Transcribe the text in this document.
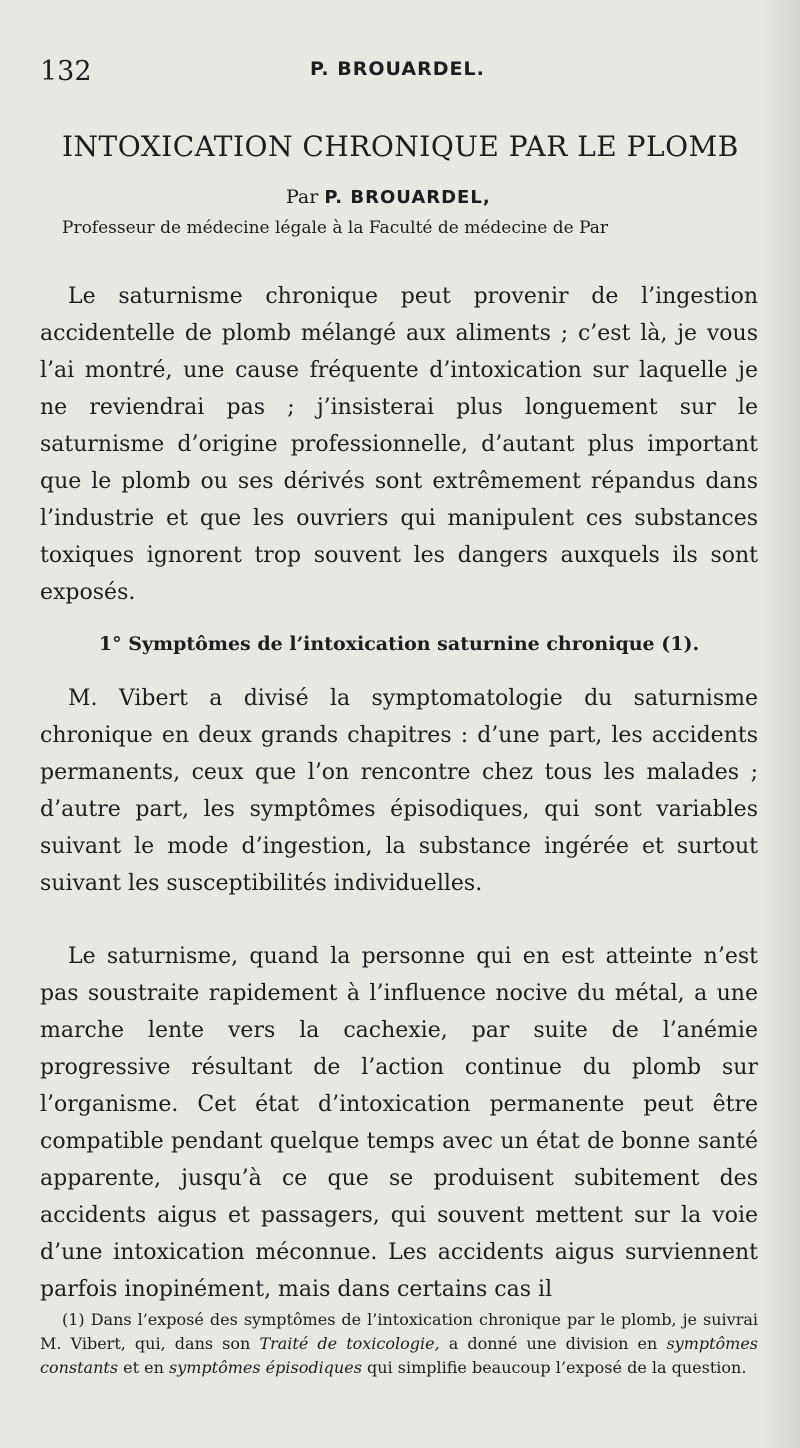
132	P. BROUARDEL.
INTOXICATION CHRONIQUE PAR LE PLOMB
Par P. BROUARDEL,
Professeur de médecine légale à la Faculté de médecine de Par

Le saturnisme chronique peut provenir de l’ingestion accidentelle de plomb mélangé aux aliments ; c’est là, je vous l’ai montré, une cause fréquente d’intoxication sur laquelle je ne reviendrai pas ; j’insisterai plus longuement sur le saturnisme d’origine professionnelle, d’autant plus important que le plomb ou ses dérivés sont extrêmement répandus dans l’industrie et que les ouvriers qui manipulent ces substances toxiques ignorent trop souvent les dangers auxquels ils sont exposés.

1° Symptômes de l’intoxication saturnine chronique (1).

M. Vibert a divisé la symptomatologie du saturnisme chronique en deux grands chapitres : d’une part, les accidents permanents, ceux que l’on rencontre chez tous les malades ; d’autre part, les symptômes épisodiques, qui sont variables suivant le mode d’ingestion, la substance ingérée et surtout suivant les susceptibilités individuelles.

Le saturnisme, quand la personne qui en est atteinte n’est pas soustraite rapidement à l’influence nocive du métal, a une marche lente vers la cachexie, par suite de l’anémie progressive résultant de l’action continue du plomb sur l’organisme. Cet état d’intoxication permanente peut être compatible pendant quelque temps avec un état de bonne santé apparente, jusqu’à ce que se produisent subitement des accidents aigus et passagers, qui souvent mettent sur la voie d’une intoxication méconnue. Les accidents aigus surviennent parfois inopinément, mais dans certains cas il

(1) Dans l’exposé des symptômes de l’intoxication chronique par le plomb, je suivrai M. Vibert, qui, dans son Traité de toxicologie, a donné une division en symptômes constants et en symptômes épisodiques qui simplifie beaucoup l’exposé de la question.
